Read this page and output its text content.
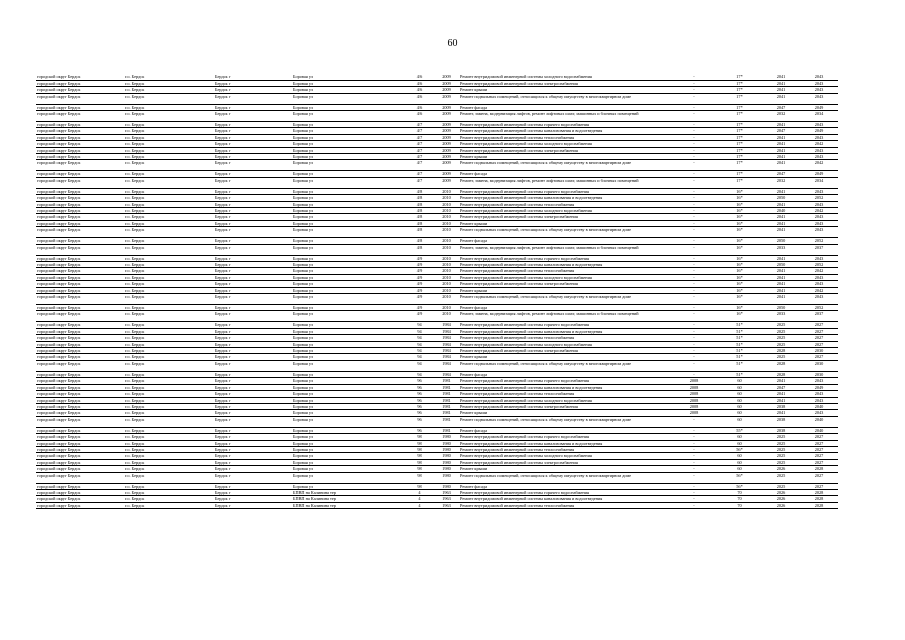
60
городской округ Бердск	г.о. Бердск	Бердск г	Боровая ул	4/6	2009	Ремонт внутридомовой инженерной системы холодного водоснабжения	-	17*	2041	2043
городской округ Бердск	г.о. Бердск	Бердск г	Боровая ул	4/6	2009	Ремонт внутридомовой инженерной системы электроснабжения	-	17*	2041	2043
городской округ Бердск	г.о. Бердск	Бердск г	Боровая ул	4/6	2009	Ремонт крыши	-	17*	2041	2043
городской округ Бердск	г.о. Бердск	Бердск г	Боровая ул	4/6	2009	Ремонт подвальных помещений, относящихся к общему имуществу в многоквартирном доме	-	17*	2041	2043
городской округ Бердск	г.о. Бердск	Бердск г	Боровая ул	4/6	2009	Ремонт фасада	-	17*	2047	2049
городской округ Бердск	г.о. Бердск	Бердск г	Боровая ул	4/6	2009	Ремонт, замена, модернизация лифтов, ремонт лифтовых шахт, машинных и блочных помещений	-	17*	2032	2034
городской округ Бердск	г.о. Бердск	Бердск г	Боровая ул	4/7	2009	Ремонт внутридомовой инженерной системы горячего водоснабжения	-	17*	2041	2043
городской округ Бердск	г.о. Бердск	Бердск г	Боровая ул	4/7	2009	Ремонт внутридомовой инженерной системы канализования и водоотведения	-	17*	2047	2049
городской округ Бердск	г.о. Бердск	Бердск г	Боровая ул	4/7	2009	Ремонт внутридомовой инженерной системы теплоснабжения	-	17*	2041	2043
городской округ Бердск	г.о. Бердск	Бердск г	Боровая ул	4/7	2009	Ремонт внутридомовой инженерной системы холодного водоснабжения	-	17*	2041	2042
городской округ Бердск	г.о. Бердск	Бердск г	Боровая ул	4/7	2009	Ремонт внутридомовой инженерной системы электроснабжения	-	17*	2041	2043
городской округ Бердск	г.о. Бердск	Бердск г	Боровая ул	4/7	2009	Ремонт крыши	-	17*	2041	2043
городской округ Бердск	г.о. Бердск	Бердск г	Боровая ул	4/7	2009	Ремонт подвальных помещений, относящихся к общему имуществу в многоквартирном доме	-	17*	2041	2042
городской округ Бердск	г.о. Бердск	Бердск г	Боровая ул	4/7	2009	Ремонт фасада	-	17*	2047	2049
городской округ Бердск	г.о. Бердск	Бердск г	Боровая ул	4/7	2009	Ремонт, замена, модернизация лифтов, ремонт лифтовых шахт, машинных и блочных помещений	-	17*	2032	2034
городской округ Бердск	г.о. Бердск	Бердск г	Боровая ул	4/8	2010	Ремонт внутридомовой инженерной системы горячего водоснабжения	-	16*	2041	2043
городской округ Бердск	г.о. Бердск	Бердск г	Боровая ул	4/8	2010	Ремонт внутридомовой инженерной системы канализования и водоотведения	-	16*	2050	2052
городской округ Бердск	г.о. Бердск	Бердск г	Боровая ул	4/8	2010	Ремонт внутридомовой инженерной системы теплоснабжения	-	16*	2041	2043
городской округ Бердск	г.о. Бердск	Бердск г	Боровая ул	4/8	2010	Ремонт внутридомовой инженерной системы холодного водоснабжения	-	16*	2040	2042
городской округ Бердск	г.о. Бердск	Бердск г	Боровая ул	4/8	2010	Ремонт внутридомовой инженерной системы электроснабжения	-	16*	2041	2043
городской округ Бердск	г.о. Бердск	Бердск г	Боровая ул	4/8	2010	Ремонт крыши	-	16*	2041	2043
городской округ Бердск	г.о. Бердск	Бердск г	Боровая ул	4/8	2010	Ремонт подвальных помещений, относящихся к общему имуществу в многоквартирном доме	-	16*	2041	2043
городской округ Бердск	г.о. Бердск	Бердск г	Боровая ул	4/8	2010	Ремонт фасада	-	16*	2050	2052
городской округ Бердск	г.о. Бердск	Бердск г	Боровая ул	4/8	2010	Ремонт, замена, модернизация лифтов, ремонт лифтовых шахт, машинных и блочных помещений	-	16*	2033	2037
городской округ Бердск	г.о. Бердск	Бердск г	Боровая ул	4/9	2010	Ремонт внутридомовой инженерной системы горячего водоснабжения	-	16*	2041	2043
городской округ Бердск	г.о. Бердск	Бердск г	Боровая ул	4/9	2010	Ремонт внутридомовой инженерной системы канализования и водоотведения	-	16*	2050	2052
городской округ Бердск	г.о. Бердск	Бердск г	Боровая ул	4/9	2010	Ремонт внутридомовой инженерной системы теплоснабжения	-	16*	2041	2042
городской округ Бердск	г.о. Бердск	Бердск г	Боровая ул	4/9	2010	Ремонт внутридомовой инженерной системы холодного водоснабжения	-	16*	2041	2043
городской округ Бердск	г.о. Бердск	Бердск г	Боровая ул	4/9	2010	Ремонт внутридомовой инженерной системы электроснабжения	-	16*	2041	2043
городской округ Бердск	г.о. Бердск	Бердск г	Боровая ул	4/9	2010	Ремонт крыши	-	16*	2041	2042
городской округ Бердск	г.о. Бердск	Бердск г	Боровая ул	4/9	2010	Ремонт подвальных помещений, относящихся к общему имуществу в многоквартирном доме	-	16*	2041	2043
городской округ Бердск	г.о. Бердск	Бердск г	Боровая ул	4/9	2010	Ремонт фасада	-	16*	2050	2052
городской округ Бердск	г.о. Бердск	Бердск г	Боровая ул	4/9	2010	Ремонт, замена, модернизация лифтов, ремонт лифтовых шахт, машинных и блочных помещений	-	16*	2033	2037
городской округ Бердск	г.о. Бердск	Бердск г	Боровая ул	94	1984	Ремонт внутридомовой инженерной системы горячего водоснабжения	-	51*	2025	2027
городской округ Бердск	г.о. Бердск	Бердск г	Боровая ул	94	1984	Ремонт внутридомовой инженерной системы канализования и водоотведения	-	51*	2025	2027
городской округ Бердск	г.о. Бердск	Бердск г	Боровая ул	94	1984	Ремонт внутридомовой инженерной системы теплоснабжения	-	51*	2025	2027
городской округ Бердск	г.о. Бердск	Бердск г	Боровая ул	94	1984	Ремонт внутридомовой инженерной системы холодного водоснабжения	-	51*	2025	2027
городской округ Бердск	г.о. Бердск	Бердск г	Боровая ул	94	1984	Ремонт внутридомовой инженерной системы электроснабжения	-	51*	2028	2030
городской округ Бердск	г.о. Бердск	Бердск г	Боровая ул	94	1984	Ремонт крыши	-	51*	2025	2027
городской округ Бердск	г.о. Бердск	Бердск г	Боровая ул	94	1984	Ремонт подвальных помещений, относящихся к общему имуществу в многоквартирном доме	-	51*	2028	2030
городской округ Бердск	г.о. Бердск	Бердск г	Боровая ул	94	1984	Ремонт фасада	-	51*	2028	2030
городской округ Бердск	г.о. Бердск	Бердск г	Боровая ул	96	1981	Ремонт внутридомовой инженерной системы горячего водоснабжения	2008	60	2041	2043
городской округ Бердск	г.о. Бердск	Бердск г	Боровая ул	96	1981	Ремонт внутридомовой инженерной системы канализования и водоотведения	2008	60	2047	2049
городской округ Бердск	г.о. Бердск	Бердск г	Боровая ул	96	1981	Ремонт внутридомовой инженерной системы теплоснабжения	2008	60	2041	2043
городской округ Бердск	г.о. Бердск	Бердск г	Боровая ул	96	1981	Ремонт внутридомовой инженерной системы холодного водоснабжения	2008	60	2041	2043
городской округ Бердск	г.о. Бердск	Бердск г	Боровая ул	96	1981	Ремонт внутридомовой инженерной системы электроснабжения	2008	60	2038	2040
городской округ Бердск	г.о. Бердск	Бердск г	Боровая ул	96	1981	Ремонт крыши	2008	60	2041	2043
городской округ Бердск	г.о. Бердск	Бердск г	Боровая ул	96	1981	Ремонт подвальных помещений, относящихся к общему имуществу в многоквартирном доме	-	60	2038	2040
городской округ Бердск	г.о. Бердск	Бердск г	Боровая ул	96	1981	Ремонт фасада	-	55*	2038	2040
городской округ Бердск	г.о. Бердск	Бердск г	Боровая ул	98	1980	Ремонт внутридомовой инженерной системы горячего водоснабжения	-	60	2025	2027
городской округ Бердск	г.о. Бердск	Бердск г	Боровая ул	98	1980	Ремонт внутридомовой инженерной системы канализования и водоотведения	-	60	2025	2027
городской округ Бердск	г.о. Бердск	Бердск г	Боровая ул	98	1980	Ремонт внутридомовой инженерной системы теплоснабжения	-	56*	2025	2027
городской округ Бердск	г.о. Бердск	Бердск г	Боровая ул	98	1980	Ремонт внутридомовой инженерной системы холодного водоснабжения	-	60	2025	2027
городской округ Бердск	г.о. Бердск	Бердск г	Боровая ул	98	1980	Ремонт внутридомовой инженерной системы электроснабжения	-	60	2025	2027
городской округ Бердск	г.о. Бердск	Бердск г	Боровая ул	98	1980	Ремонт крыши	-	60	2026	2028
городской округ Бердск	г.о. Бердск	Бердск г	Боровая ул	98	1980	Ремонт подвальных помещений, относящихся к общему имуществу в многоквартирном доме	-	56*	2025	2027
городской округ Бердск	г.о. Бердск	Бердск г	Боровая ул	98	1980	Ремонт фасада	-	56*	2025	2027
городской округ Бердск	г.о. Бердск	Бердск г	БПВП на Калинина тер	4	1963	Ремонт внутридомовой инженерной системы горячего водоснабжения	-	70	2026	2028
городской округ Бердск	г.о. Бердск	Бердск г	БПВП на Калинина тер	4	1963	Ремонт внутридомовой инженерной системы канализования и водоотведения	-	70	2026	2028
городской округ Бердск	г.о. Бердск	Бердск г	БПВП на Калинина тер	4	1963	Ремонт внутридомовой инженерной системы теплоснабжения	-	70	2026	2028
